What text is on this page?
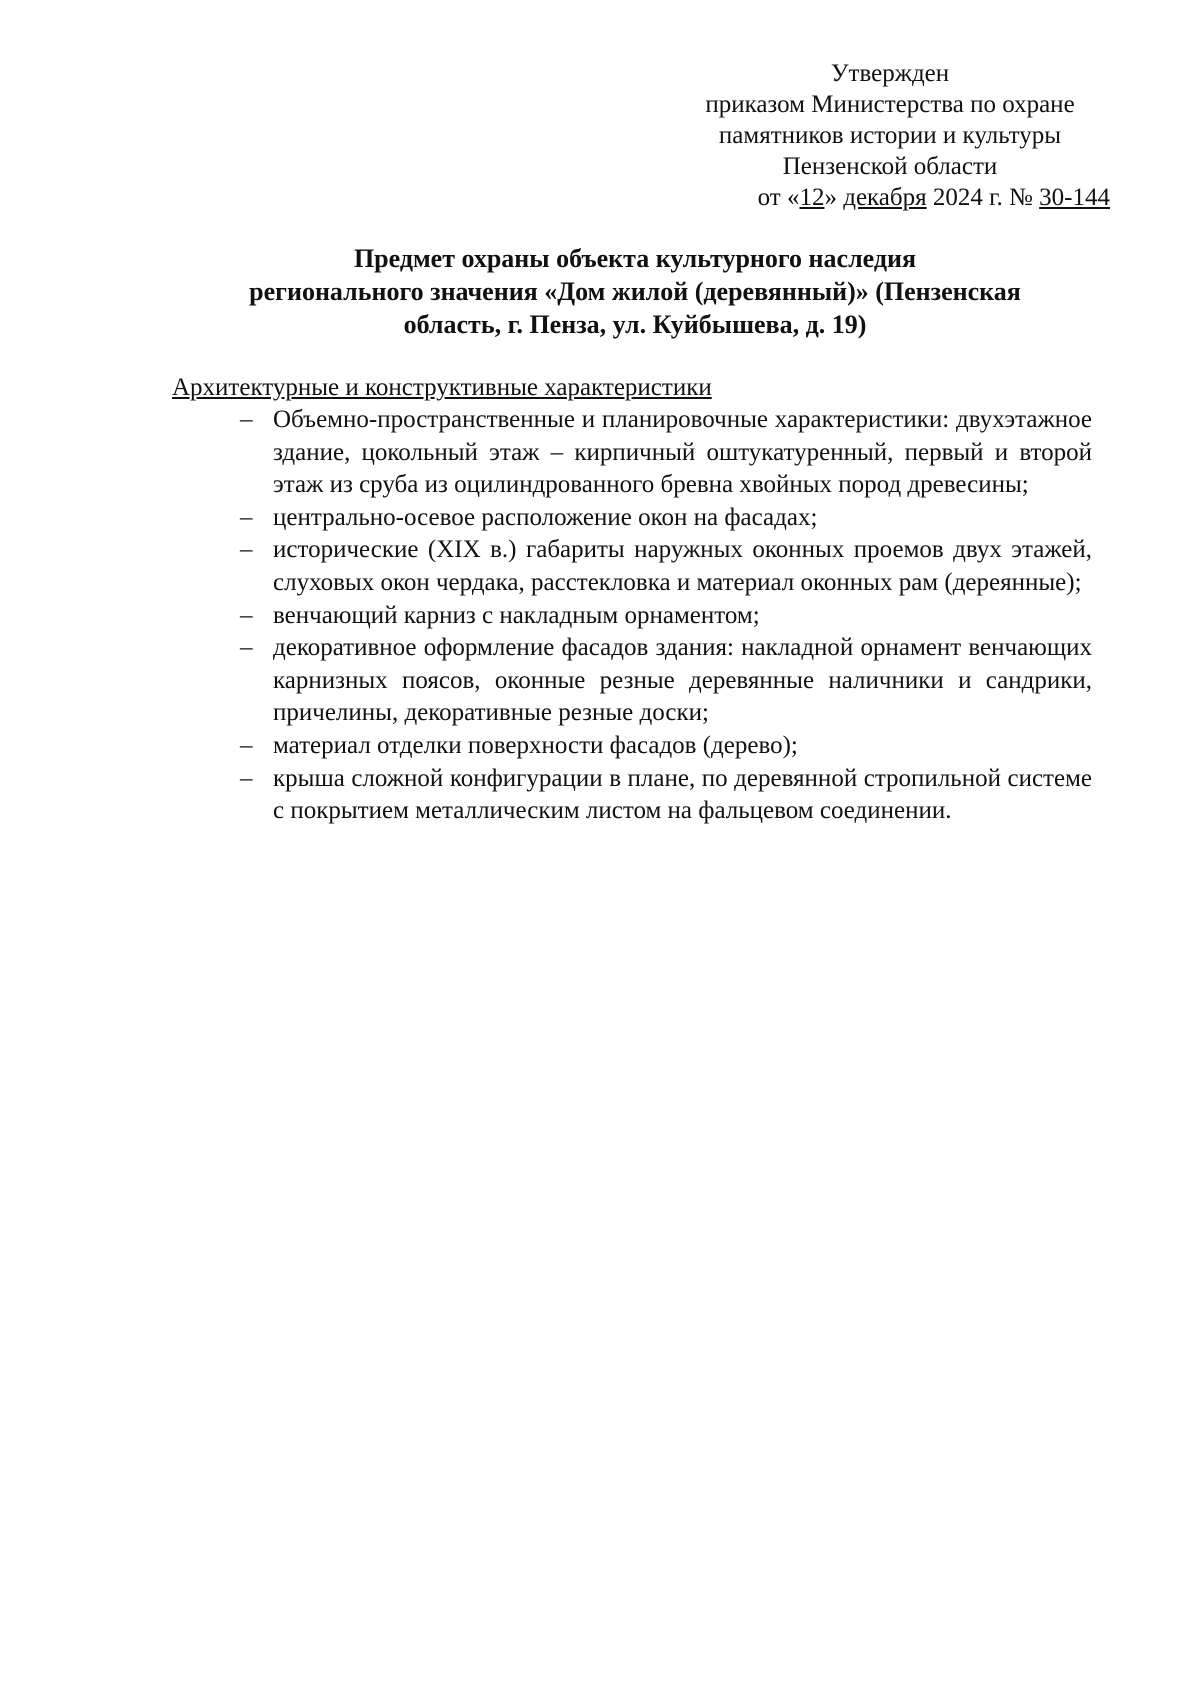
Утвержден
приказом Министерства по охране
памятников истории и культуры
Пензенской области
от «12» декабря 2024 г. № 30-144
Предмет охраны объекта культурного наследия
регионального значения «Дом жилой (деревянный)» (Пензенская
область, г. Пенза, ул. Куйбышева, д. 19)
Архитектурные и конструктивные характеристики
– Объемно-пространственные и планировочные характеристики: двухэтажное здание, цокольный этаж – кирпичный оштукатуренный, первый и второй этаж из сруба из оцилиндрованного бревна хвойных пород древесины;
– центрально-осевое расположение окон на фасадах;
– исторические (XIX в.) габариты наружных оконных проемов двух этажей, слуховых окон чердака, расстекловка и материал оконных рам (дереянные);
– венчающий карниз с накладным орнаментом;
– декоративное оформление фасадов здания: накладной орнамент венчающих карнизных поясов, оконные резные деревянные наличники и сандрики, причелины, декоративные резные доски;
– материал отделки поверхности фасадов (дерево);
– крыша сложной конфигурации в плане, по деревянной стропильной системе с покрытием металлическим листом на фальцевом соединении.
